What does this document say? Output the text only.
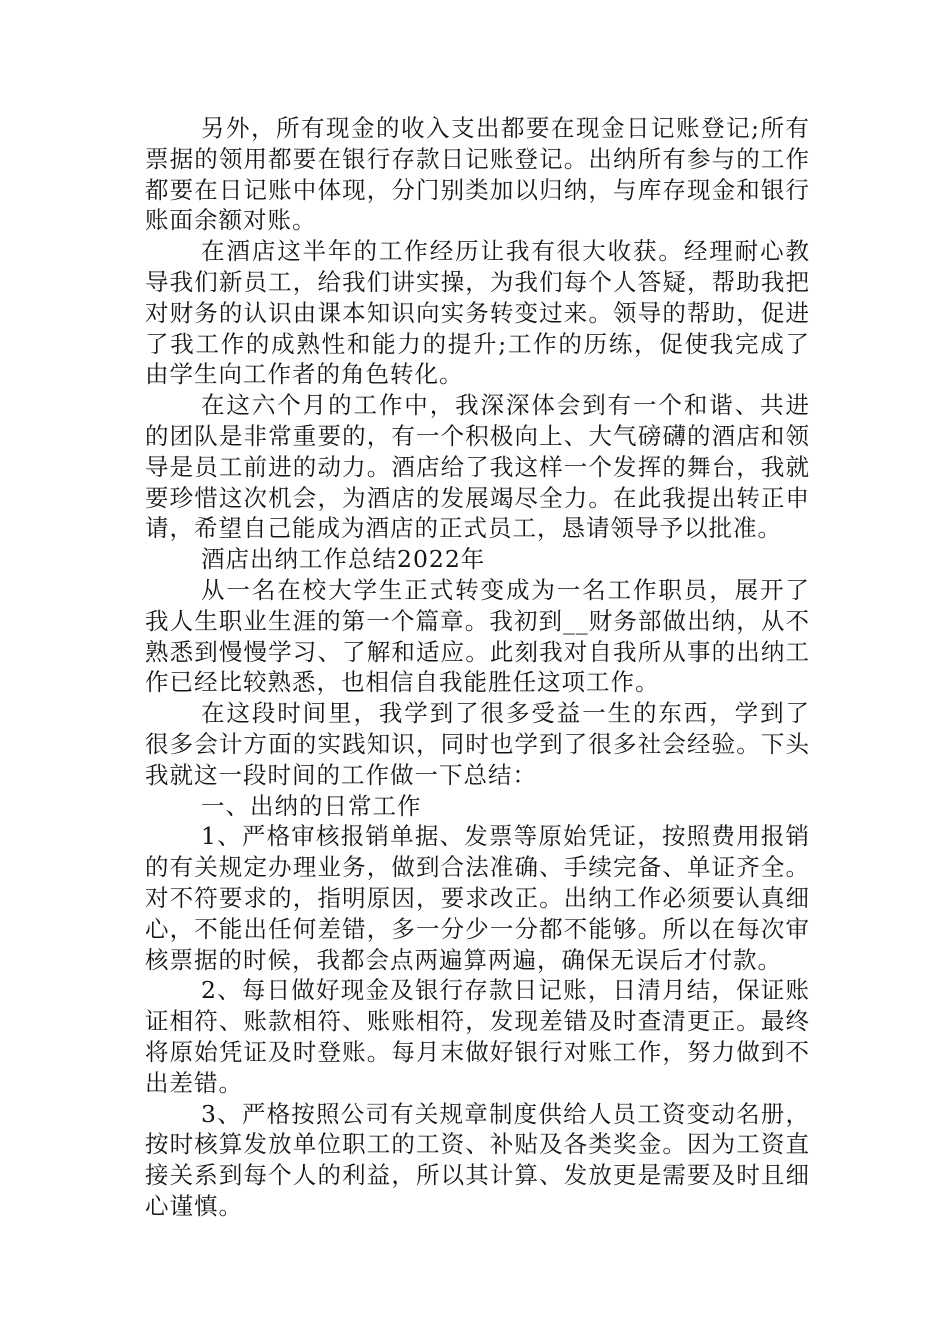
另外，所有现金的收入支出都要在现金日记账登记;所有票据的领用都要在银行存款日记账登记。出纳所有参与的工作都要在日记账中体现，分门别类加以归纳，与库存现金和银行账面余额对账。

在酒店这半年的工作经历让我有很大收获。经理耐心教导我们新员工，给我们讲实操，为我们每个人答疑，帮助我把对财务的认识由课本知识向实务转变过来。领导的帮助，促进了我工作的成熟性和能力的提升;工作的历练，促使我完成了由学生向工作者的角色转化。

在这六个月的工作中，我深深体会到有一个和谐、共进的团队是非常重要的，有一个积极向上、大气磅礴的酒店和领导是员工前进的动力。酒店给了我这样一个发挥的舞台，我就要珍惜这次机会，为酒店的发展竭尽全力。在此我提出转正申请，希望自己能成为酒店的正式员工，恳请领导予以批准。

酒店出纳工作总结2022年

从一名在校大学生正式转变成为一名工作职员，展开了我人生职业生涯的第一个篇章。我初到__财务部做出纳，从不熟悉到慢慢学习、了解和适应。此刻我对自我所从事的出纳工作已经比较熟悉，也相信自我能胜任这项工作。

在这段时间里，我学到了很多受益一生的东西，学到了很多会计方面的实践知识，同时也学到了很多社会经验。下头我就这一段时间的工作做一下总结：

一、出纳的日常工作

1、严格审核报销单据、发票等原始凭证，按照费用报销的有关规定办理业务，做到合法准确、手续完备、单证齐全。对不符要求的，指明原因，要求改正。出纳工作必须要认真细心，不能出任何差错，多一分少一分都不能够。所以在每次审核票据的时候，我都会点两遍算两遍，确保无误后才付款。

2、每日做好现金及银行存款日记账，日清月结，保证账证相符、账款相符、账账相符，发现差错及时查清更正。最终将原始凭证及时登账。每月末做好银行对账工作，努力做到不出差错。

3、严格按照公司有关规章制度供给人员工资变动名册，按时核算发放单位职工的工资、补贴及各类奖金。因为工资直接关系到每个人的利益，所以其计算、发放更是需要及时且细心谨慎。
